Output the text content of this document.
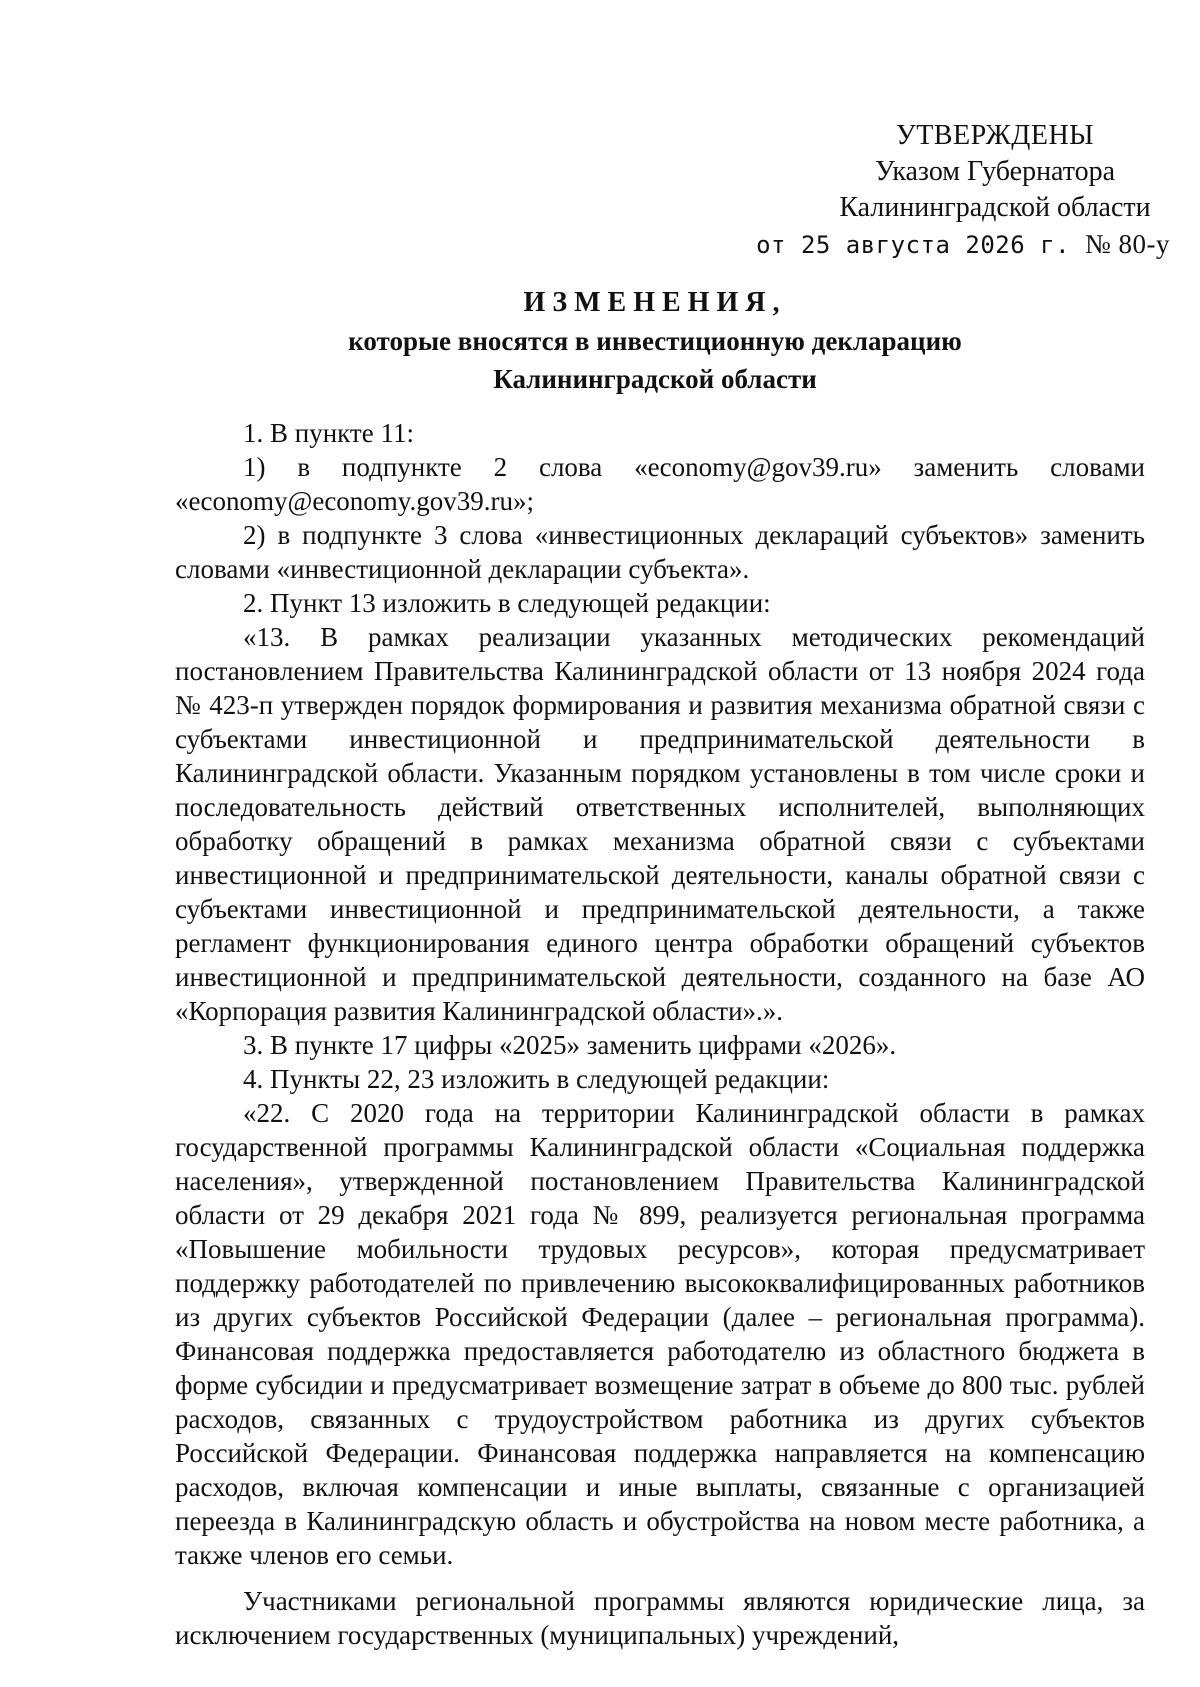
УТВЕРЖДЕНЫ
Указом Губернатора
Калининградской области
от 25 августа 2026 г. № 80-у
ИЗМЕНЕНИЯ,
которые вносятся в инвестиционную декларацию
Калининградской области

1. В пункте 11:

1) в подпункте 2 слова «economy@gov39.ru» заменить словами «economy@economy.gov39.ru»;

2) в подпункте 3 слова «инвестиционных деклараций субъектов» заменить словами «инвестиционной декларации субъекта».

2. Пункт 13 изложить в следующей редакции:

«13. В рамках реализации указанных методических рекомендаций постановлением Правительства Калининградской области от 13 ноября 2024 года № 423-п утвержден порядок формирования и развития механизма обратной связи с субъектами инвестиционной и предпринимательской деятельности в Калининградской области. Указанным порядком установлены в том числе сроки и последовательность действий ответственных исполнителей, выполняющих обработку обращений в рамках механизма обратной связи с субъектами инвестиционной и предпринимательской деятельности, каналы обратной связи с субъектами инвестиционной и предпринимательской деятельности, а также регламент функционирования единого центра обработки обращений субъектов инвестиционной и предпринимательской деятельности, созданного на базе АО «Корпорация развития Калининградской области».».

3. В пункте 17 цифры «2025» заменить цифрами «2026».

4. Пункты 22, 23 изложить в следующей редакции:

«22. С 2020 года на территории Калининградской области в рамках государственной программы Калининградской области «Социальная поддержка населения», утвержденной постановлением Правительства Калининградской области от 29 декабря 2021 года № 899, реализуется региональная программа «Повышение мобильности трудовых ресурсов», которая предусматривает поддержку работодателей по привлечению высококвалифицированных работников из других субъектов Российской Федерации (далее – региональная программа). Финансовая поддержка предоставляется работодателю из областного бюджета в форме субсидии и предусматривает возмещение затрат в объеме до 800 тыс. рублей расходов, связанных с трудоустройством работника из других субъектов Российской Федерации. Финансовая поддержка направляется на компенсацию расходов, включая компенсации и иные выплаты, связанные с организацией переезда в Калининградскую область и обустройства на новом месте работника, а также членов его семьи.

Участниками региональной программы являются юридические лица, за исключением государственных (муниципальных) учреждений,
